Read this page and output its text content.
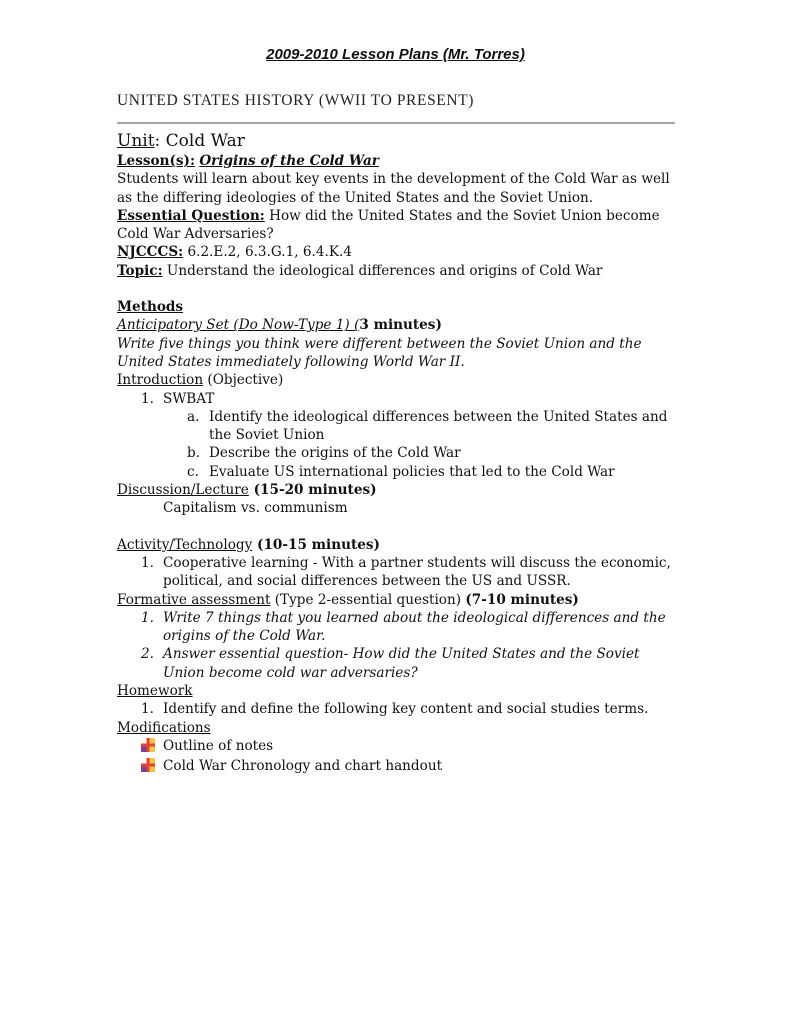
2009-2010 Lesson Plans (Mr. Torres)
UNITED STATES HISTORY (WWII TO PRESENT)

Unit: Cold War

Lesson(s): Origins of the Cold War

Students will learn about key events in the development of the Cold War as well as the differing ideologies of the United States and the Soviet Union.

Essential Question: How did the United States and the Soviet Union become Cold War Adversaries?

NJCCCS: 6.2.E.2, 6.3.G.1, 6.4.K.4

Topic: Understand the ideological differences and origins of Cold War

Methods

Anticipatory Set (Do Now-Type 1) (3 minutes)

Write five things you think were different between the Soviet Union and the United States immediately following World War II.

Introduction (Objective)

1. SWBAT
a. Identify the ideological differences between the United States and the Soviet Union
b. Describe the origins of the Cold War
c. Evaluate US international policies that led to the Cold War

Discussion/Lecture (15-20 minutes)

Capitalism vs. communism

Activity/Technology (10-15 minutes)

1. Cooperative learning - With a partner students will discuss the economic, political, and social differences between the US and USSR.

Formative assessment (Type 2-essential question) (7-10 minutes)

1. Write 7 things that you learned about the ideological differences and the origins of the Cold War.
2. Answer essential question- How did the United States and the Soviet Union become cold war adversaries?

Homework

1. Identify and define the following key content and social studies terms.

Modifications

Outline of notes
Cold War Chronology and chart handout
